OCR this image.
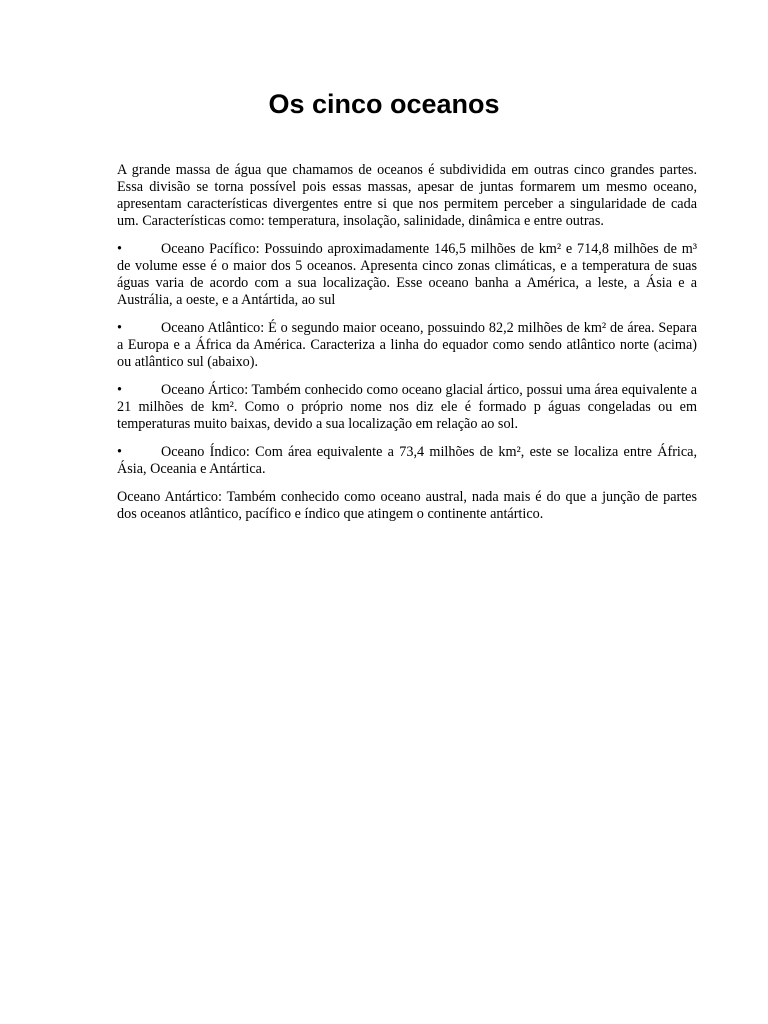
Os cinco oceanos

A grande massa de água que chamamos de oceanos é subdividida em outras cinco grandes partes. Essa divisão se torna possível pois essas massas, apesar de juntas formarem um mesmo oceano, apresentam características divergentes entre si que nos permitem perceber a singularidade de cada um. Características como: temperatura, insolação, salinidade, dinâmica e entre outras.

•	Oceano Pacífico: Possuindo aproximadamente 146,5 milhões de km² e 714,8 milhões de m³ de volume esse é o maior dos 5 oceanos. Apresenta cinco zonas climáticas, e a temperatura de suas águas varia de acordo com a sua localização. Esse oceano banha a América, a leste, a Ásia e a Austrália, a oeste, e a Antártida, ao sul

•	Oceano Atlântico: É o segundo maior oceano, possuindo 82,2 milhões de km² de área. Separa a Europa e a África da América. Caracteriza a linha do equador como sendo atlântico norte (acima) ou atlântico sul (abaixo).

•	Oceano Ártico: Também conhecido como oceano glacial ártico, possui uma área equivalente a 21 milhões de km². Como o próprio nome nos diz ele é formado p águas congeladas ou em temperaturas muito baixas, devido a sua localização em relação ao sol.

•	Oceano Índico: Com área equivalente a 73,4 milhões de km², este se localiza entre África, Ásia, Oceania e Antártica.

Oceano Antártico: Também conhecido como oceano austral, nada mais é do que a junção de partes dos oceanos atlântico, pacífico e índico que atingem o continente antártico.
